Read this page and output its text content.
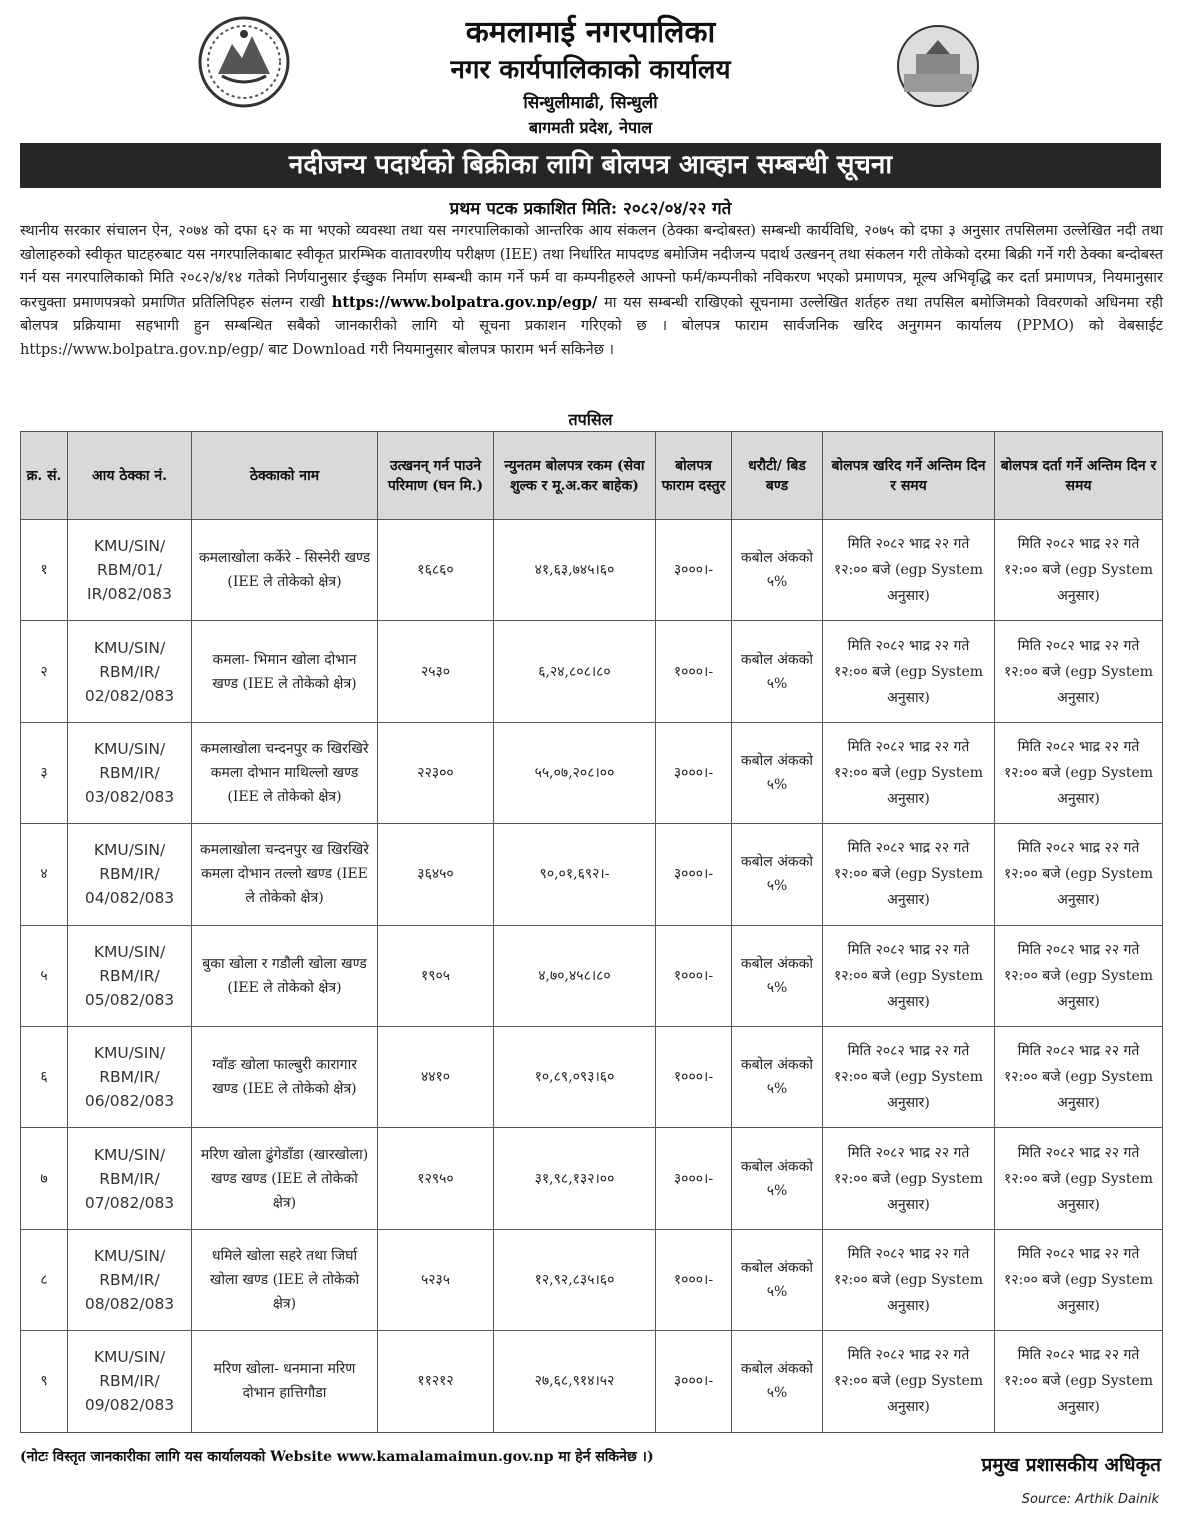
कमलामाई नगरपालिका
नगर कार्यपालिकाको कार्यालय
सिन्धुलीमाढी, सिन्धुली
बागमती प्रदेश, नेपाल
नदीजन्य पदार्थको बिक्रीका लागि बोलपत्र आव्हान सम्बन्धी सूचना
प्रथम पटक प्रकाशित मिति: २०८२/०४/२२ गते
स्थानीय सरकार संचालन ऐन, २०७४ को दफा ६२ क मा भएको व्यवस्था तथा यस नगरपालिकाको आन्तरिक आय संकलन (ठेक्का बन्दोबस्त) सम्बन्धी कार्यविधि, २०७५ को दफा ३ अनुसार तपसिलमा उल्लेखित नदी तथा खोलाहरुको स्वीकृत घाटहरुबाट यस नगरपालिकाबाट स्वीकृत प्रारम्भिक वातावरणीय परीक्षण (IEE) तथा निर्धारित मापदण्ड बमोजिम नदीजन्य पदार्थ उत्खनन् तथा संकलन गरी तोकेको दरमा बिक्री गर्ने गरी ठेक्का बन्दोबस्त गर्न यस नगरपालिकाको मिति २०८२/४/१४ गतेको निर्णयानुसार ईच्छुक निर्माण सम्बन्धी काम गर्ने फर्म वा कम्पनीहरुले आफ्नो फर्म/कम्पनीको नविकरण भएको प्रमाणपत्र, मूल्य अभिवृद्धि कर दर्ता प्रमाणपत्र, नियमानुसार करचुक्ता प्रमाणपत्रको प्रमाणित प्रतिलिपिहरु संलग्न राखी https://www.bolpatra.gov.np/egp/ मा यस सम्बन्धी राखिएको सूचनामा उल्लेखित शर्तहरु तथा तपसिल बमोजिमको विवरणको अधिनमा रही बोलपत्र प्रक्रियामा सहभागी हुन सम्बन्धित सबैको जानकारीको लागि यो सूचना प्रकाशन गरिएको छ । बोलपत्र फाराम सार्वजनिक खरिद अनुगमन कार्यालय (PPMO) को वेबसाईट https://www.bolpatra.gov.np/egp/ बाट Download गरी नियमानुसार बोलपत्र फाराम भर्न सकिनेछ ।
तपसिल
क्र. सं.	आय ठेक्का नं.	ठेक्काको नाम	उत्खनन् गर्न पाउने परिमाण (घन मि.)	न्युनतम बोलपत्र रकम (सेवा शुल्क र मू.अ.कर बाहेक)	बोलपत्र फाराम दस्तुर	धरौटी/ बिड बण्ड	बोलपत्र खरिद गर्ने अन्तिम दिन र समय	बोलपत्र दर्ता गर्ने अन्तिम दिन र समय
१	KMU/SIN/ RBM/01/ IR/082/083	कमलाखोला कर्केरे - सिस्नेरी खण्ड (IEE ले तोकेको क्षेत्र)	१६८६०	४१,६३,७४५।६०	३०००।-	कबोल अंकको ५%	मिति २०८२ भाद्र २२ गते १२:०० बजे (egp System अनुसार)	मिति २०८२ भाद्र २२ गते १२:०० बजे (egp System अनुसार)
२	KMU/SIN/ RBM/IR/ 02/082/083	कमला- भिमान खोला दोभान खण्ड (IEE ले तोकेको क्षेत्र)	२५३०	६,२४,८०८।८०	१०००।-	कबोल अंकको ५%	मिति २०८२ भाद्र २२ गते १२:०० बजे (egp System अनुसार)	मिति २०८२ भाद्र २२ गते १२:०० बजे (egp System अनुसार)
३	KMU/SIN/ RBM/IR/ 03/082/083	कमलाखोला चन्दनपुर क खिरखिरे कमला दोभान माथिल्लो खण्ड (IEE ले तोकेको क्षेत्र)	२२३००	५५,०७,२०८।००	३०००।-	कबोल अंकको ५%	मिति २०८२ भाद्र २२ गते १२:०० बजे (egp System अनुसार)	मिति २०८२ भाद्र २२ गते १२:०० बजे (egp System अनुसार)
४	KMU/SIN/ RBM/IR/ 04/082/083	कमलाखोला चन्दनपुर ख खिरखिरे कमला दोभान तल्लो खण्ड (IEE ले तोकेको क्षेत्र)	३६४५०	९०,०१,६९२।-	३०००।-	कबोल अंकको ५%	मिति २०८२ भाद्र २२ गते १२:०० बजे (egp System अनुसार)	मिति २०८२ भाद्र २२ गते १२:०० बजे (egp System अनुसार)
५	KMU/SIN/ RBM/IR/ 05/082/083	बुका खोला र गडौली खोला खण्ड (IEE ले तोकेको क्षेत्र)	१९०५	४,७०,४५८।८०	१०००।-	कबोल अंकको ५%	मिति २०८२ भाद्र २२ गते १२:०० बजे (egp System अनुसार)	मिति २०८२ भाद्र २२ गते १२:०० बजे (egp System अनुसार)
६	KMU/SIN/ RBM/IR/ 06/082/083	ग्वाँङ खोला फाल्बुरी कारागार खण्ड (IEE ले तोकेको क्षेत्र)	४४१०	१०,८९,०९३।६०	१०००।-	कबोल अंकको ५%	मिति २०८२ भाद्र २२ गते १२:०० बजे (egp System अनुसार)	मिति २०८२ भाद्र २२ गते १२:०० बजे (egp System अनुसार)
७	KMU/SIN/ RBM/IR/ 07/082/083	मरिण खोला ढुंगेडाँडा (खारखोला) खण्ड खण्ड (IEE ले तोकेको क्षेत्र)	१२९५०	३१,९८,१३२।००	३०००।-	कबोल अंकको ५%	मिति २०८२ भाद्र २२ गते १२:०० बजे (egp System अनुसार)	मिति २०८२ भाद्र २२ गते १२:०० बजे (egp System अनुसार)
८	KMU/SIN/ RBM/IR/ 08/082/083	धमिले खोला सहरे तथा जिर्घा खोला खण्ड (IEE ले तोकेको क्षेत्र)	५२३५	१२,९२,८३५।६०	१०००।-	कबोल अंकको ५%	मिति २०८२ भाद्र २२ गते १२:०० बजे (egp System अनुसार)	मिति २०८२ भाद्र २२ गते १२:०० बजे (egp System अनुसार)
९	KMU/SIN/ RBM/IR/ 09/082/083	मरिण खोला- धनमाना मरिण दोभान हात्तिगौडा	११२१२	२७,६८,९१४।५२	३०००।-	कबोल अंकको ५%	मिति २०८२ भाद्र २२ गते १२:०० बजे (egp System अनुसार)	मिति २०८२ भाद्र २२ गते १२:०० बजे (egp System अनुसार)
(नोटः विस्तृत जानकारीका लागि यस कार्यालयको Website www.kamalamaimun.gov.np मा हेर्न सकिनेछ ।)	प्रमुख प्रशासकीय अधिकृत
Source: Arthik Dainik
